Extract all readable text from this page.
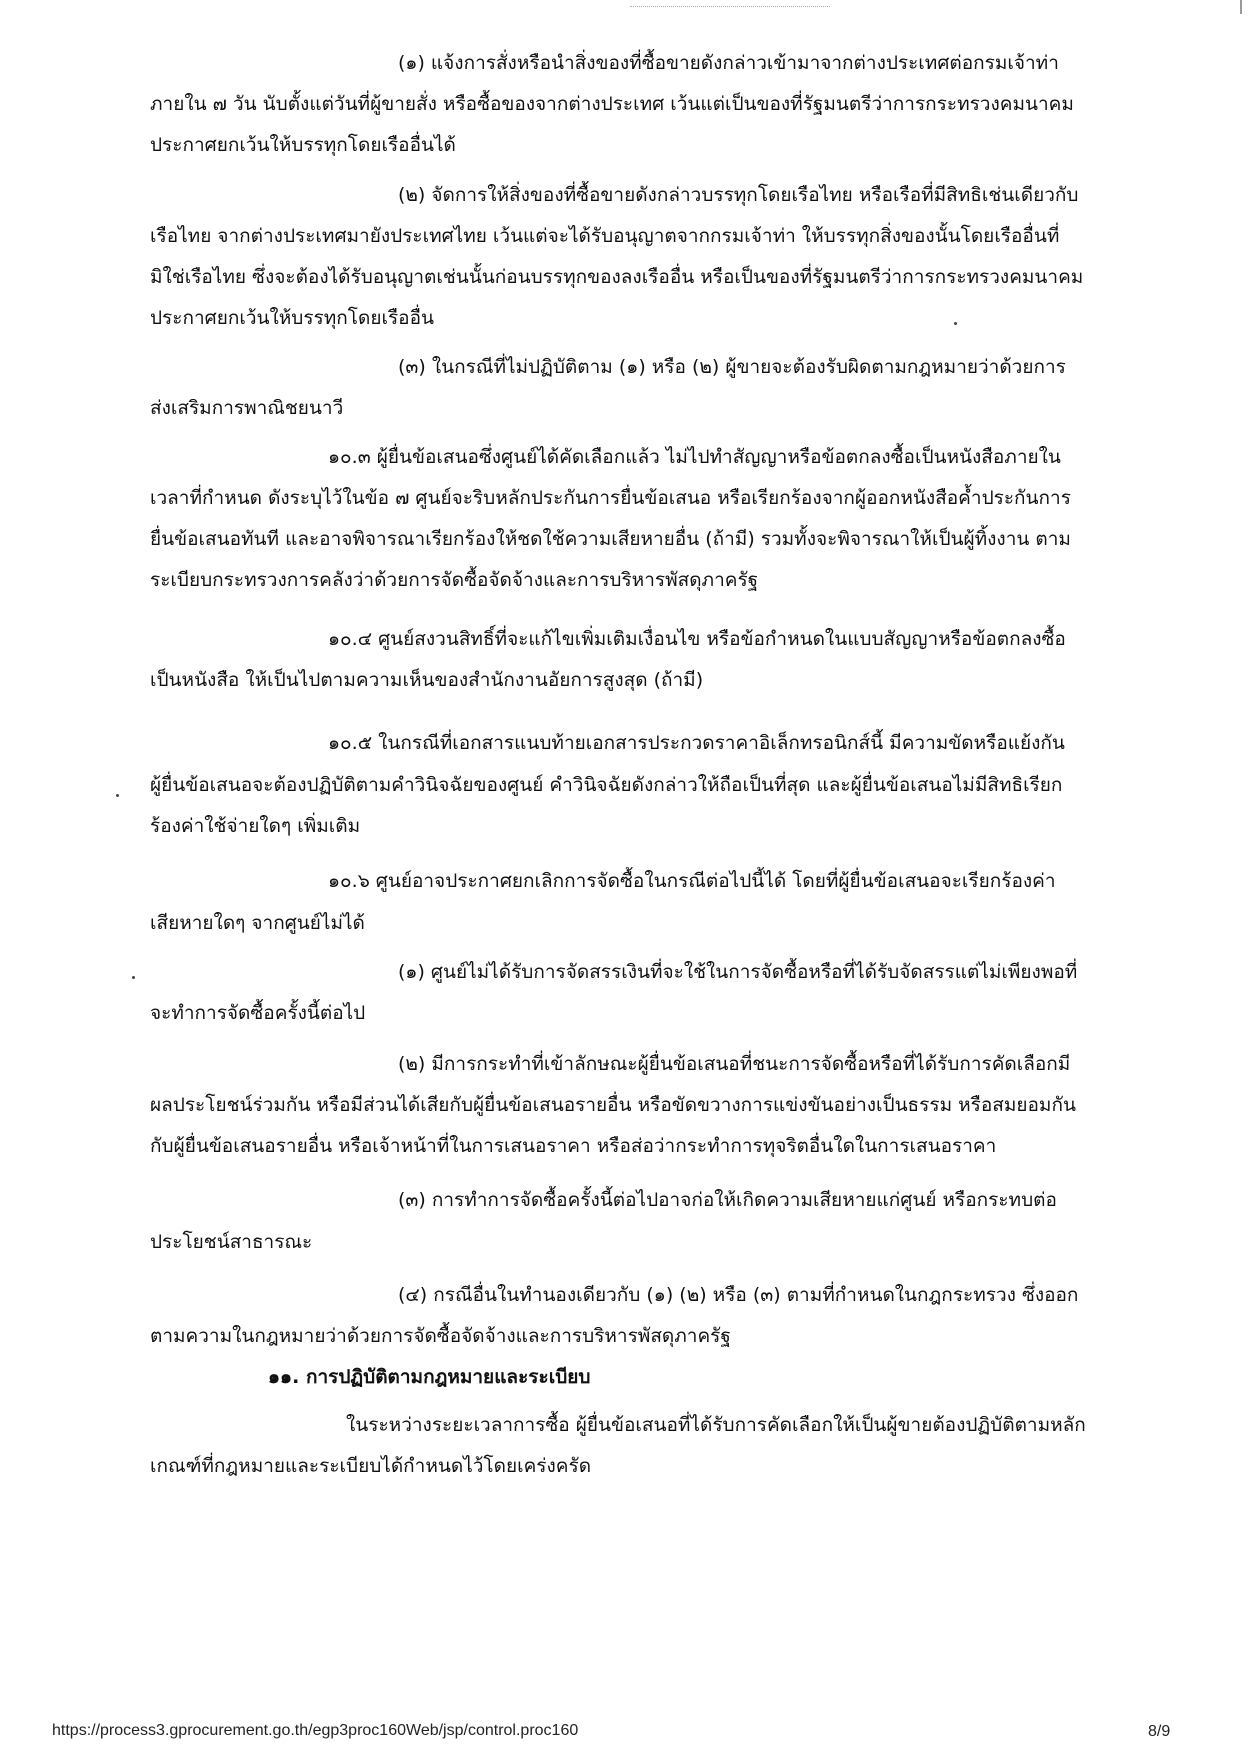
(๑) แจ้งการสั่งหรือนำสิ่งของที่ซื้อขายดังกล่าวเข้ามาจากต่างประเทศต่อกรมเจ้าท่า
ภายใน ๗ วัน นับตั้งแต่วันที่ผู้ขายสั่ง หรือซื้อของจากต่างประเทศ เว้นแต่เป็นของที่รัฐมนตรีว่าการกระทรวงคมนาคม
ประกาศยกเว้นให้บรรทุกโดยเรืออื่นได้
(๒) จัดการให้สิ่งของที่ซื้อขายดังกล่าวบรรทุกโดยเรือไทย หรือเรือที่มีสิทธิเช่นเดียวกับ
เรือไทย จากต่างประเทศมายังประเทศไทย เว้นแต่จะได้รับอนุญาตจากกรมเจ้าท่า ให้บรรทุกสิ่งของนั้นโดยเรืออื่นที่
มิใช่เรือไทย ซึ่งจะต้องได้รับอนุญาตเช่นนั้นก่อนบรรทุกของลงเรืออื่น หรือเป็นของที่รัฐมนตรีว่าการกระทรวงคมนาคม
ประกาศยกเว้นให้บรรทุกโดยเรืออื่น
(๓) ในกรณีที่ไม่ปฏิบัติตาม (๑) หรือ (๒) ผู้ขายจะต้องรับผิดตามกฎหมายว่าด้วยการ
ส่งเสริมการพาณิชยนาวี
๑๐.๓ ผู้ยื่นข้อเสนอซึ่งศูนย์ได้คัดเลือกแล้ว ไม่ไปทำสัญญาหรือข้อตกลงซื้อเป็นหนังสือภายใน
เวลาที่กำหนด ดังระบุไว้ในข้อ ๗ ศูนย์จะริบหลักประกันการยื่นข้อเสนอ หรือเรียกร้องจากผู้ออกหนังสือค้ำประกันการ
ยื่นข้อเสนอทันที และอาจพิจารณาเรียกร้องให้ชดใช้ความเสียหายอื่น (ถ้ามี) รวมทั้งจะพิจารณาให้เป็นผู้ทิ้งงาน ตาม
ระเบียบกระทรวงการคลังว่าด้วยการจัดซื้อจัดจ้างและการบริหารพัสดุภาครัฐ
๑๐.๔ ศูนย์สงวนสิทธิ์ที่จะแก้ไขเพิ่มเติมเงื่อนไข หรือข้อกำหนดในแบบสัญญาหรือข้อตกลงซื้อ
เป็นหนังสือ ให้เป็นไปตามความเห็นของสำนักงานอัยการสูงสุด (ถ้ามี)
๑๐.๕ ในกรณีที่เอกสารแนบท้ายเอกสารประกวดราคาอิเล็กทรอนิกส์นี้ มีความขัดหรือแย้งกัน
ผู้ยื่นข้อเสนอจะต้องปฏิบัติตามคำวินิจฉัยของศูนย์ คำวินิจฉัยดังกล่าวให้ถือเป็นที่สุด และผู้ยื่นข้อเสนอไม่มีสิทธิเรียก
ร้องค่าใช้จ่ายใดๆ เพิ่มเติม
๑๐.๖ ศูนย์อาจประกาศยกเลิกการจัดซื้อในกรณีต่อไปนี้ได้ โดยที่ผู้ยื่นข้อเสนอจะเรียกร้องค่า
เสียหายใดๆ จากศูนย์ไม่ได้
(๑) ศูนย์ไม่ได้รับการจัดสรรเงินที่จะใช้ในการจัดซื้อหรือที่ได้รับจัดสรรแต่ไม่เพียงพอที่
จะทำการจัดซื้อครั้งนี้ต่อไป
(๒) มีการกระทำที่เข้าลักษณะผู้ยื่นข้อเสนอที่ชนะการจัดซื้อหรือที่ได้รับการคัดเลือกมี
ผลประโยชน์ร่วมกัน หรือมีส่วนได้เสียกับผู้ยื่นข้อเสนอรายอื่น หรือขัดขวางการแข่งขันอย่างเป็นธรรม หรือสมยอมกัน
กับผู้ยื่นข้อเสนอรายอื่น หรือเจ้าหน้าที่ในการเสนอราคา หรือส่อว่ากระทำการทุจริตอื่นใดในการเสนอราคา
(๓) การทำการจัดซื้อครั้งนี้ต่อไปอาจก่อให้เกิดความเสียหายแก่ศูนย์ หรือกระทบต่อ
ประโยชน์สาธารณะ
(๔) กรณีอื่นในทำนองเดียวกับ (๑) (๒) หรือ (๓) ตามที่กำหนดในกฎกระทรวง ซึ่งออก
ตามความในกฎหมายว่าด้วยการจัดซื้อจัดจ้างและการบริหารพัสดุภาครัฐ
๑๑. การปฏิบัติตามกฎหมายและระเบียบ
ในระหว่างระยะเวลาการซื้อ ผู้ยื่นข้อเสนอที่ได้รับการคัดเลือกให้เป็นผู้ขายต้องปฏิบัติตามหลัก
เกณฑ์ที่กฎหมายและระเบียบได้กำหนดไว้โดยเคร่งครัด
https://process3.gprocurement.go.th/egp3proc160Web/jsp/control.proc160	8/9
